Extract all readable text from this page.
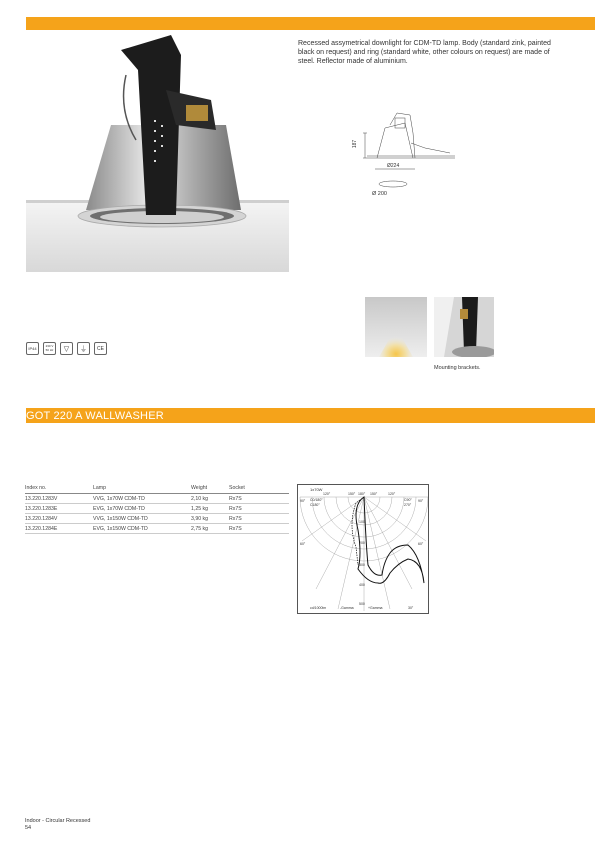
Recessed assymetrical downlight for CDM-TD lamp. Body (standard zink, painted black on request) and ring (standard white, other colours on request) are made of steel. Reflector made of aluminium.
187
Ø224
Ø 200
Mounting brackets.
IP44	230 V 50 Hz	▽	⏚	CE
GOT 220 A WALLWASHER
Index no.	Lamp	Weight	Socket
13.220.1283V	VVG, 1x70W CDM-TD	2,10 kg	Rx7S
13.220.1283E	EVG, 1x70W CDM-TD	1,25 kg	Rx7S
13.220.1284V	VVG, 1x150W CDM-TD	3,90 kg	Rx7S
13.220.1284E	EVG, 1x150W CDM-TD	2,75 kg	Rx7S
1x70W
120°	150° 180° 150°	120°
90° C0/180°
C180°
C90°
270°
90°
60°	60°
100
200
300
400
500
cd/1000lm	-Gamma	+Gamma	30°
Indoor - Circular Recessed
54
